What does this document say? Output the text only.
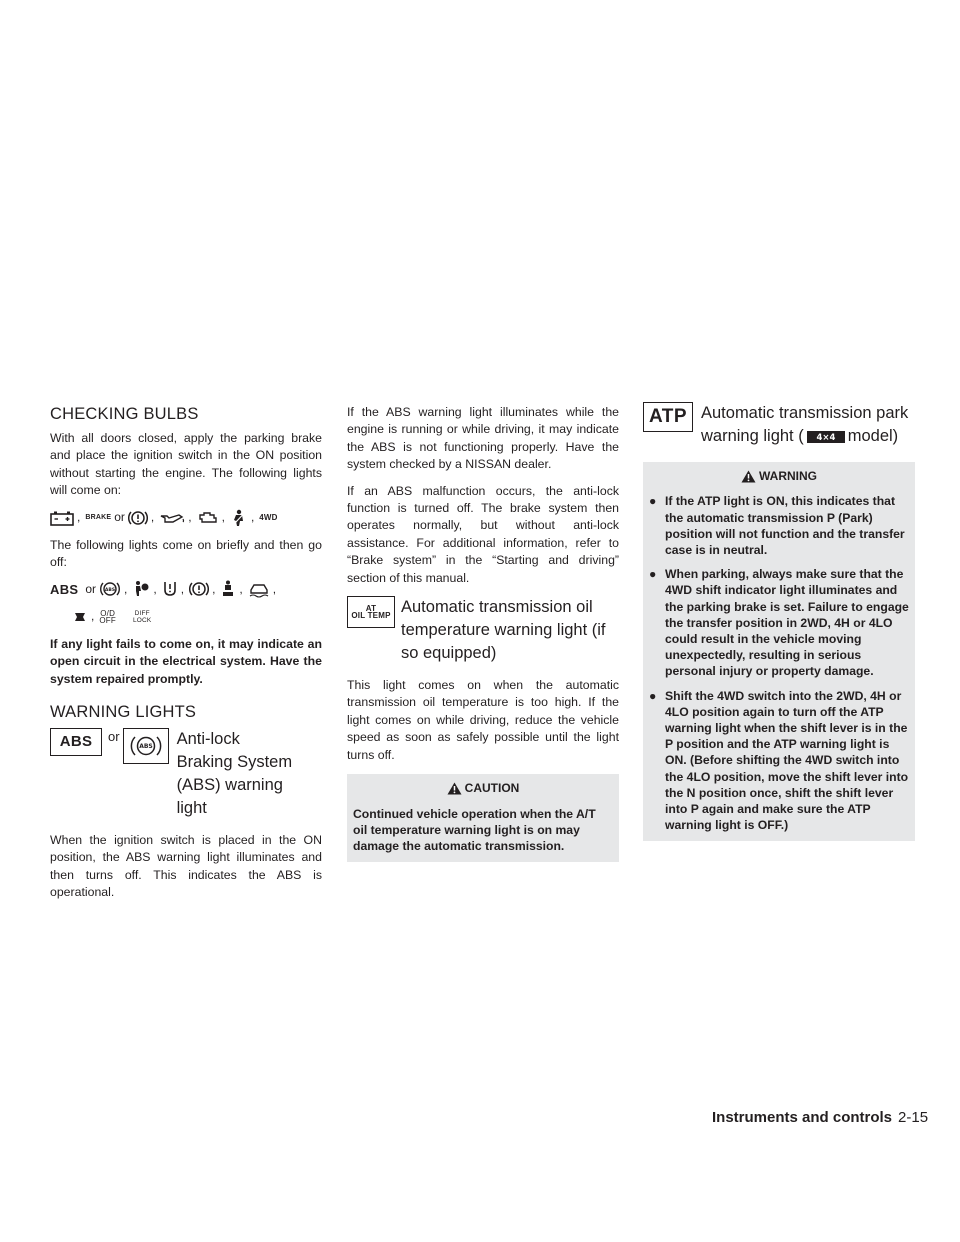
CHECKING BULBS

With all doors closed, apply the parking brake and place the ignition switch in the ON position without starting the engine. The following lights will come on:

, BRAKE or ,	,	, , 4WD

The following lights come on briefly and then go off:

ABS or ABS , , , , ,	,
, O/D
OFF
DIFF
LOCK

If any light fails to come on, it may indicate an open circuit in the electrical system. Have the system repaired promptly.

WARNING LIGHTS
ABS	or
ABS Anti-lock Braking System (ABS) warning light

When the ignition switch is placed in the ON position, the ABS warning light illuminates and then turns off. This indicates the ABS is operational.

If the ABS warning light illuminates while the engine is running or while driving, it may indicate the ABS is not functioning properly. Have the system checked by a NISSAN dealer.

If an ABS malfunction occurs, the anti-lock function is turned off. The brake system then operates normally, but without anti-lock assistance. For additional information, refer to “Brake system” in the “Starting and driving” section of this manual.

AT
OIL TEMP Automatic transmission oil temperature warning light (if so equipped)

This light comes on when the automatic transmission oil temperature is too high. If the light comes on while driving, reduce the vehicle speed as soon as safely possible until the light turns off.

CAUTION
Continued vehicle operation when the A/T oil temperature warning light is on may damage the automatic transmission.
ATP Automatic transmission park warning light ( 4×4 model)
WARNING
● If the ATP light is ON, this indicates that the automatic transmission P (Park) position will not function and the transfer case is in neutral.
● When parking, always make sure that the 4WD shift indicator light illuminates and the parking brake is set. Failure to engage the transfer position in 2WD, 4H or 4LO could result in the vehicle moving unexpectedly, resulting in serious personal injury or property damage.
● Shift the 4WD switch into the 2WD, 4H or 4LO position again to turn off the ATP warning light when the shift lever is in the P position and the ATP warning light is ON. (Before shifting the 4WD switch into the 4LO position, move the shift lever into the N position once, shift the shift lever into P again and make sure the ATP warning light is OFF.)
Instruments and controls 2-15
